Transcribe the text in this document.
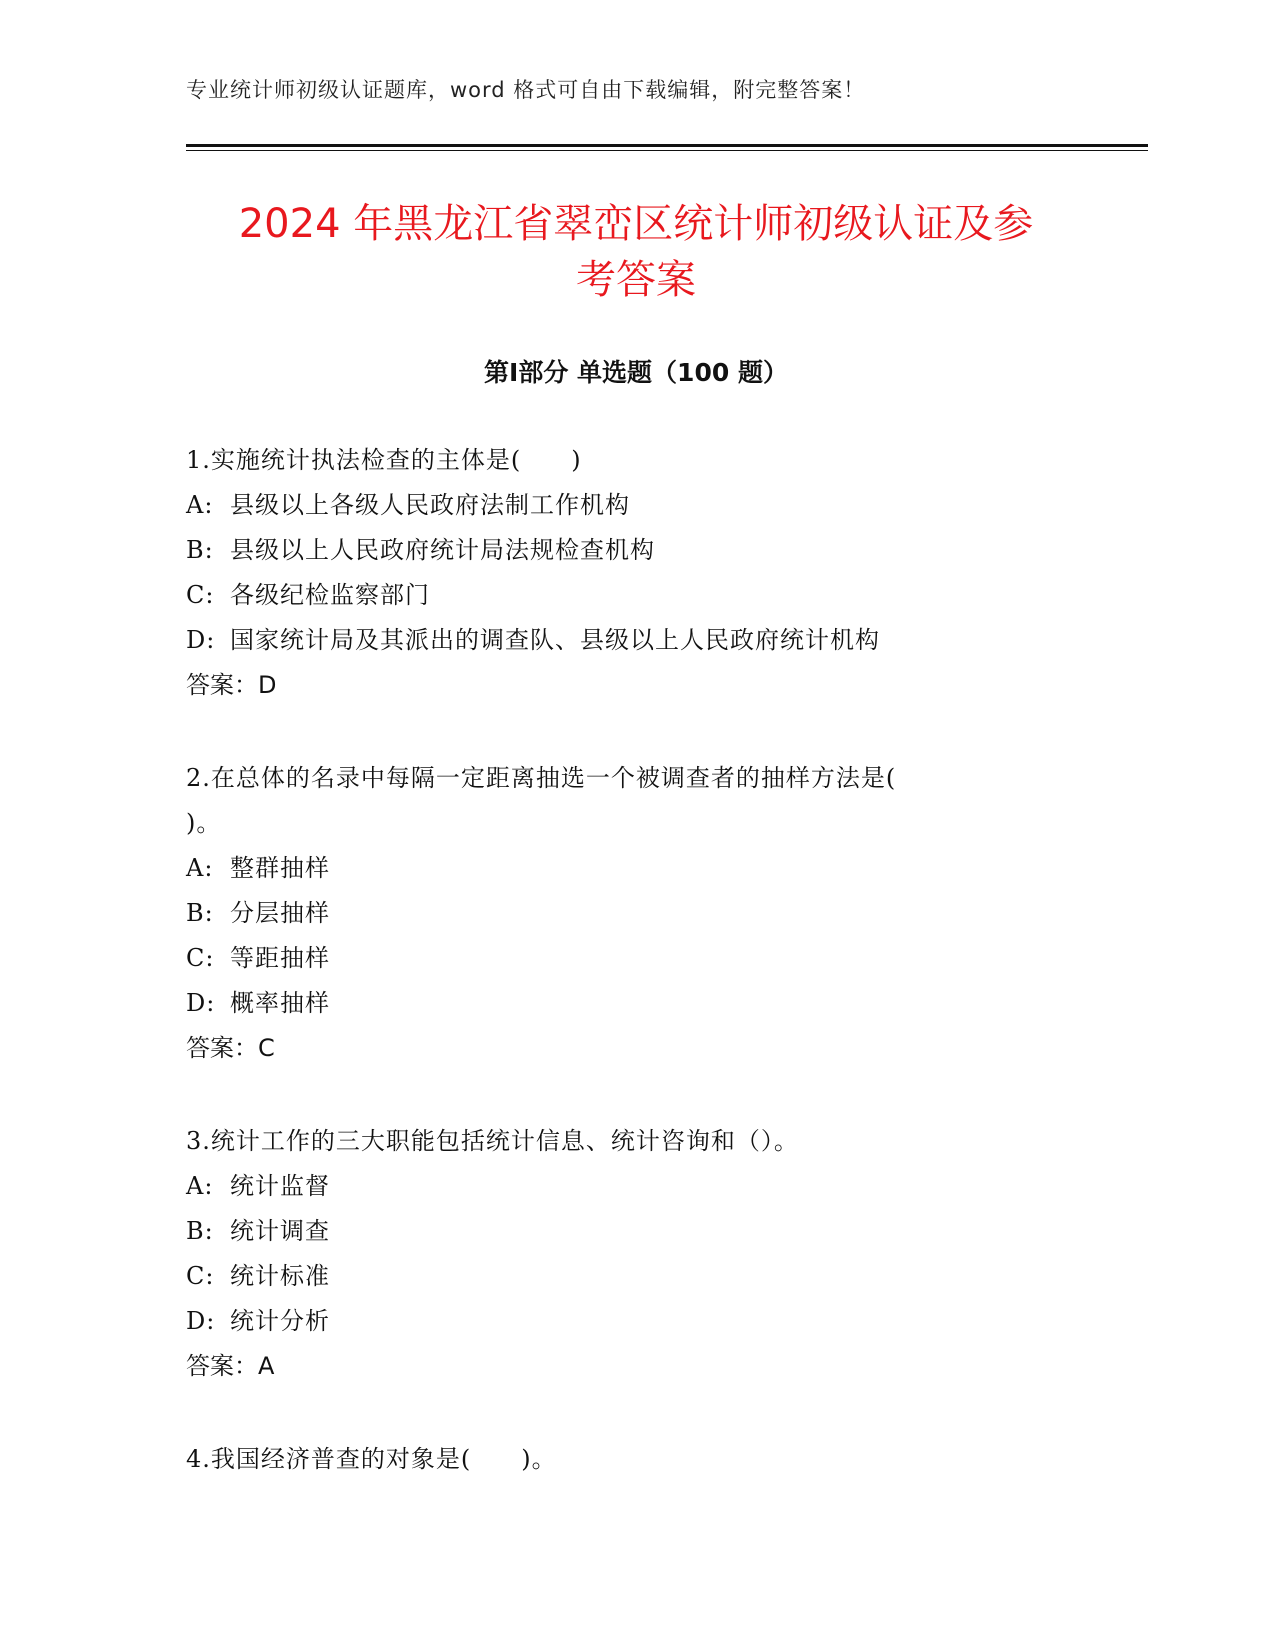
专业统计师初级认证题库，word 格式可自由下载编辑，附完整答案！
2024 年黑龙江省翠峦区统计师初级认证及参
考答案
第Ⅰ部分 单选题（100 题）
1.实施统计执法检查的主体是(　　)
A: 县级以上各级人民政府法制工作机构
B: 县级以上人民政府统计局法规检查机构
C: 各级纪检监察部门
D: 国家统计局及其派出的调查队、县级以上人民政府统计机构
答案：D
2.在总体的名录中每隔一定距离抽选一个被调查者的抽样方法是(
)。
A: 整群抽样
B: 分层抽样
C: 等距抽样
D: 概率抽样
答案：C
3.统计工作的三大职能包括统计信息、统计咨询和（）。
A: 统计监督
B: 统计调查
C: 统计标准
D: 统计分析
答案：A
4.我国经济普查的对象是(　　)。
